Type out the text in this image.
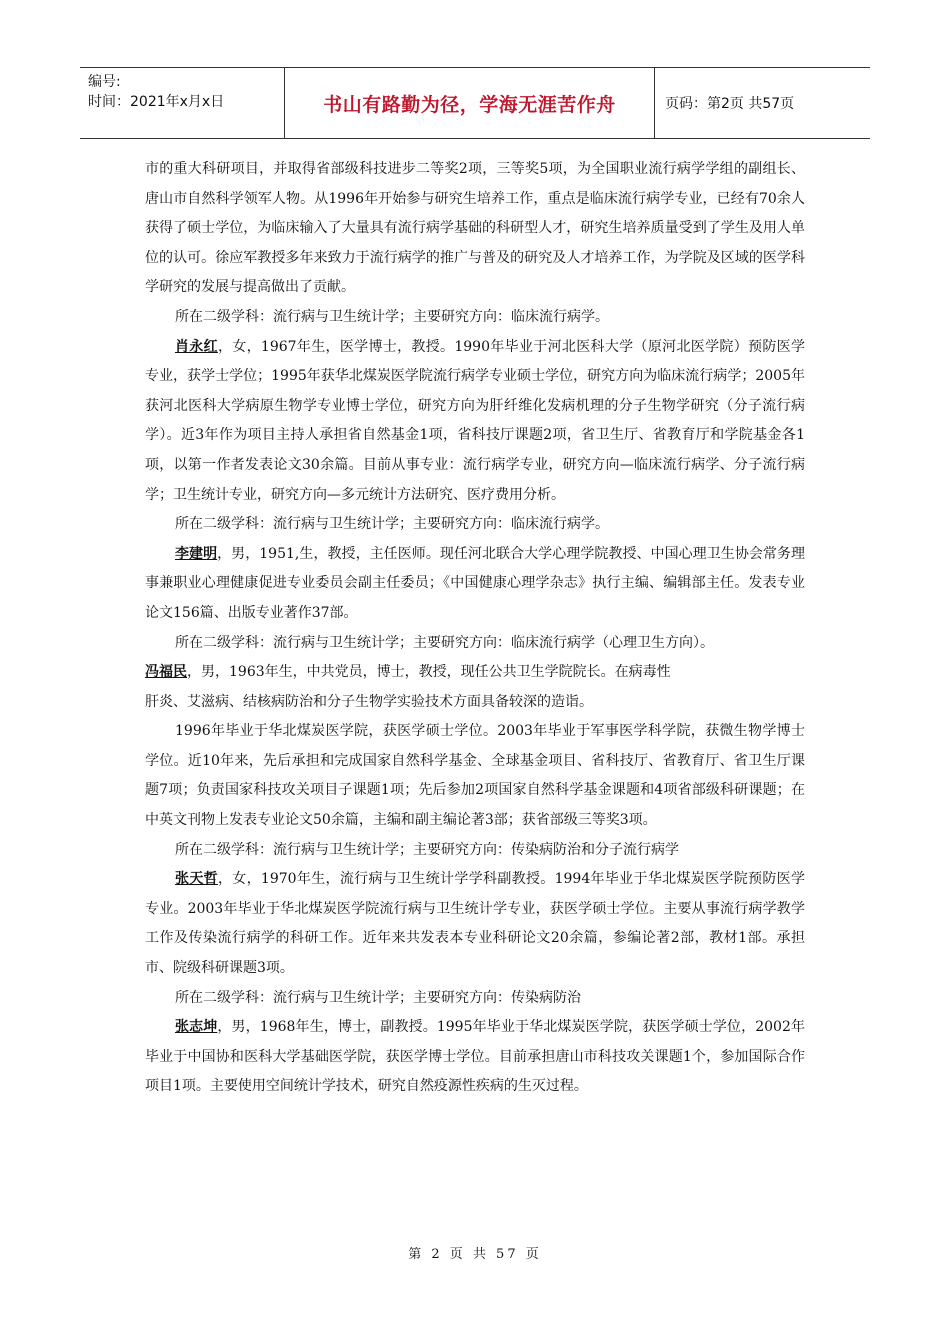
编号:
时间：2021年x月x日	书山有路勤为径，学海无涯苦作舟	页码：第2页 共57页

市的重大科研项目，并取得省部级科技进步二等奖2项，三等奖5项，为全国职业流行病学学组的副组长、唐山市自然科学领军人物。从1996年开始参与研究生培养工作，重点是临床流行病学专业，已经有70余人获得了硕士学位，为临床输入了大量具有流行病学基础的科研型人才，研究生培养质量受到了学生及用人单位的认可。徐应军教授多年来致力于流行病学的推广与普及的研究及人才培养工作，为学院及区域的医学科学研究的发展与提高做出了贡献。

所在二级学科：流行病与卫生统计学；主要研究方向：临床流行病学。

肖永红，女，1967年生，医学博士，教授。1990年毕业于河北医科大学（原河北医学院）预防医学专业，获学士学位；1995年获华北煤炭医学院流行病学专业硕士学位，研究方向为临床流行病学；2005年获河北医科大学病原生物学专业博士学位，研究方向为肝纤维化发病机理的分子生物学研究（分子流行病学）。近3年作为项目主持人承担省自然基金1项，省科技厅课题2项，省卫生厅、省教育厅和学院基金各1项，以第一作者发表论文30余篇。目前从事专业：流行病学专业，研究方向—临床流行病学、分子流行病学；卫生统计专业，研究方向—多元统计方法研究、医疗费用分析。

所在二级学科：流行病与卫生统计学；主要研究方向：临床流行病学。

李建明，男，1951,生，教授，主任医师。现任河北联合大学心理学院教授、中国心理卫生协会常务理事兼职业心理健康促进专业委员会副主任委员；《中国健康心理学杂志》执行主编、编辑部主任。发表专业论文156篇、出版专业著作37部。

所在二级学科：流行病与卫生统计学；主要研究方向：临床流行病学（心理卫生方向）。

冯福民，男，1963年生，中共党员，博士，教授，现任公共卫生学院院长。在病毒性

肝炎、艾滋病、结核病防治和分子生物学实验技术方面具备较深的造诣。

1996年毕业于华北煤炭医学院，获医学硕士学位。2003年毕业于军事医学科学院，获微生物学博士学位。近10年来，先后承担和完成国家自然科学基金、全球基金项目、省科技厅、省教育厅、省卫生厅课题7项；负责国家科技攻关项目子课题1项；先后参加2项国家自然科学基金课题和4项省部级科研课题；在中英文刊物上发表专业论文50余篇，主编和副主编论著3部；获省部级三等奖3项。

所在二级学科：流行病与卫生统计学；主要研究方向：传染病防治和分子流行病学

张天哲，女，1970年生，流行病与卫生统计学学科副教授。1994年毕业于华北煤炭医学院预防医学专业。2003年毕业于华北煤炭医学院流行病与卫生统计学专业，获医学硕士学位。主要从事流行病学教学工作及传染流行病学的科研工作。近年来共发表本专业科研论文20余篇，参编论著2部，教材1部。承担市、院级科研课题3项。

所在二级学科：流行病与卫生统计学；主要研究方向：传染病防治

张志坤，男，1968年生，博士，副教授。1995年毕业于华北煤炭医学院，获医学硕士学位，2002年毕业于中国协和医科大学基础医学院，获医学博士学位。目前承担唐山市科技攻关课题1个，参加国际合作项目1项。主要使用空间统计学技术，研究自然疫源性疾病的生灭过程。

第 2 页 共 57 页
